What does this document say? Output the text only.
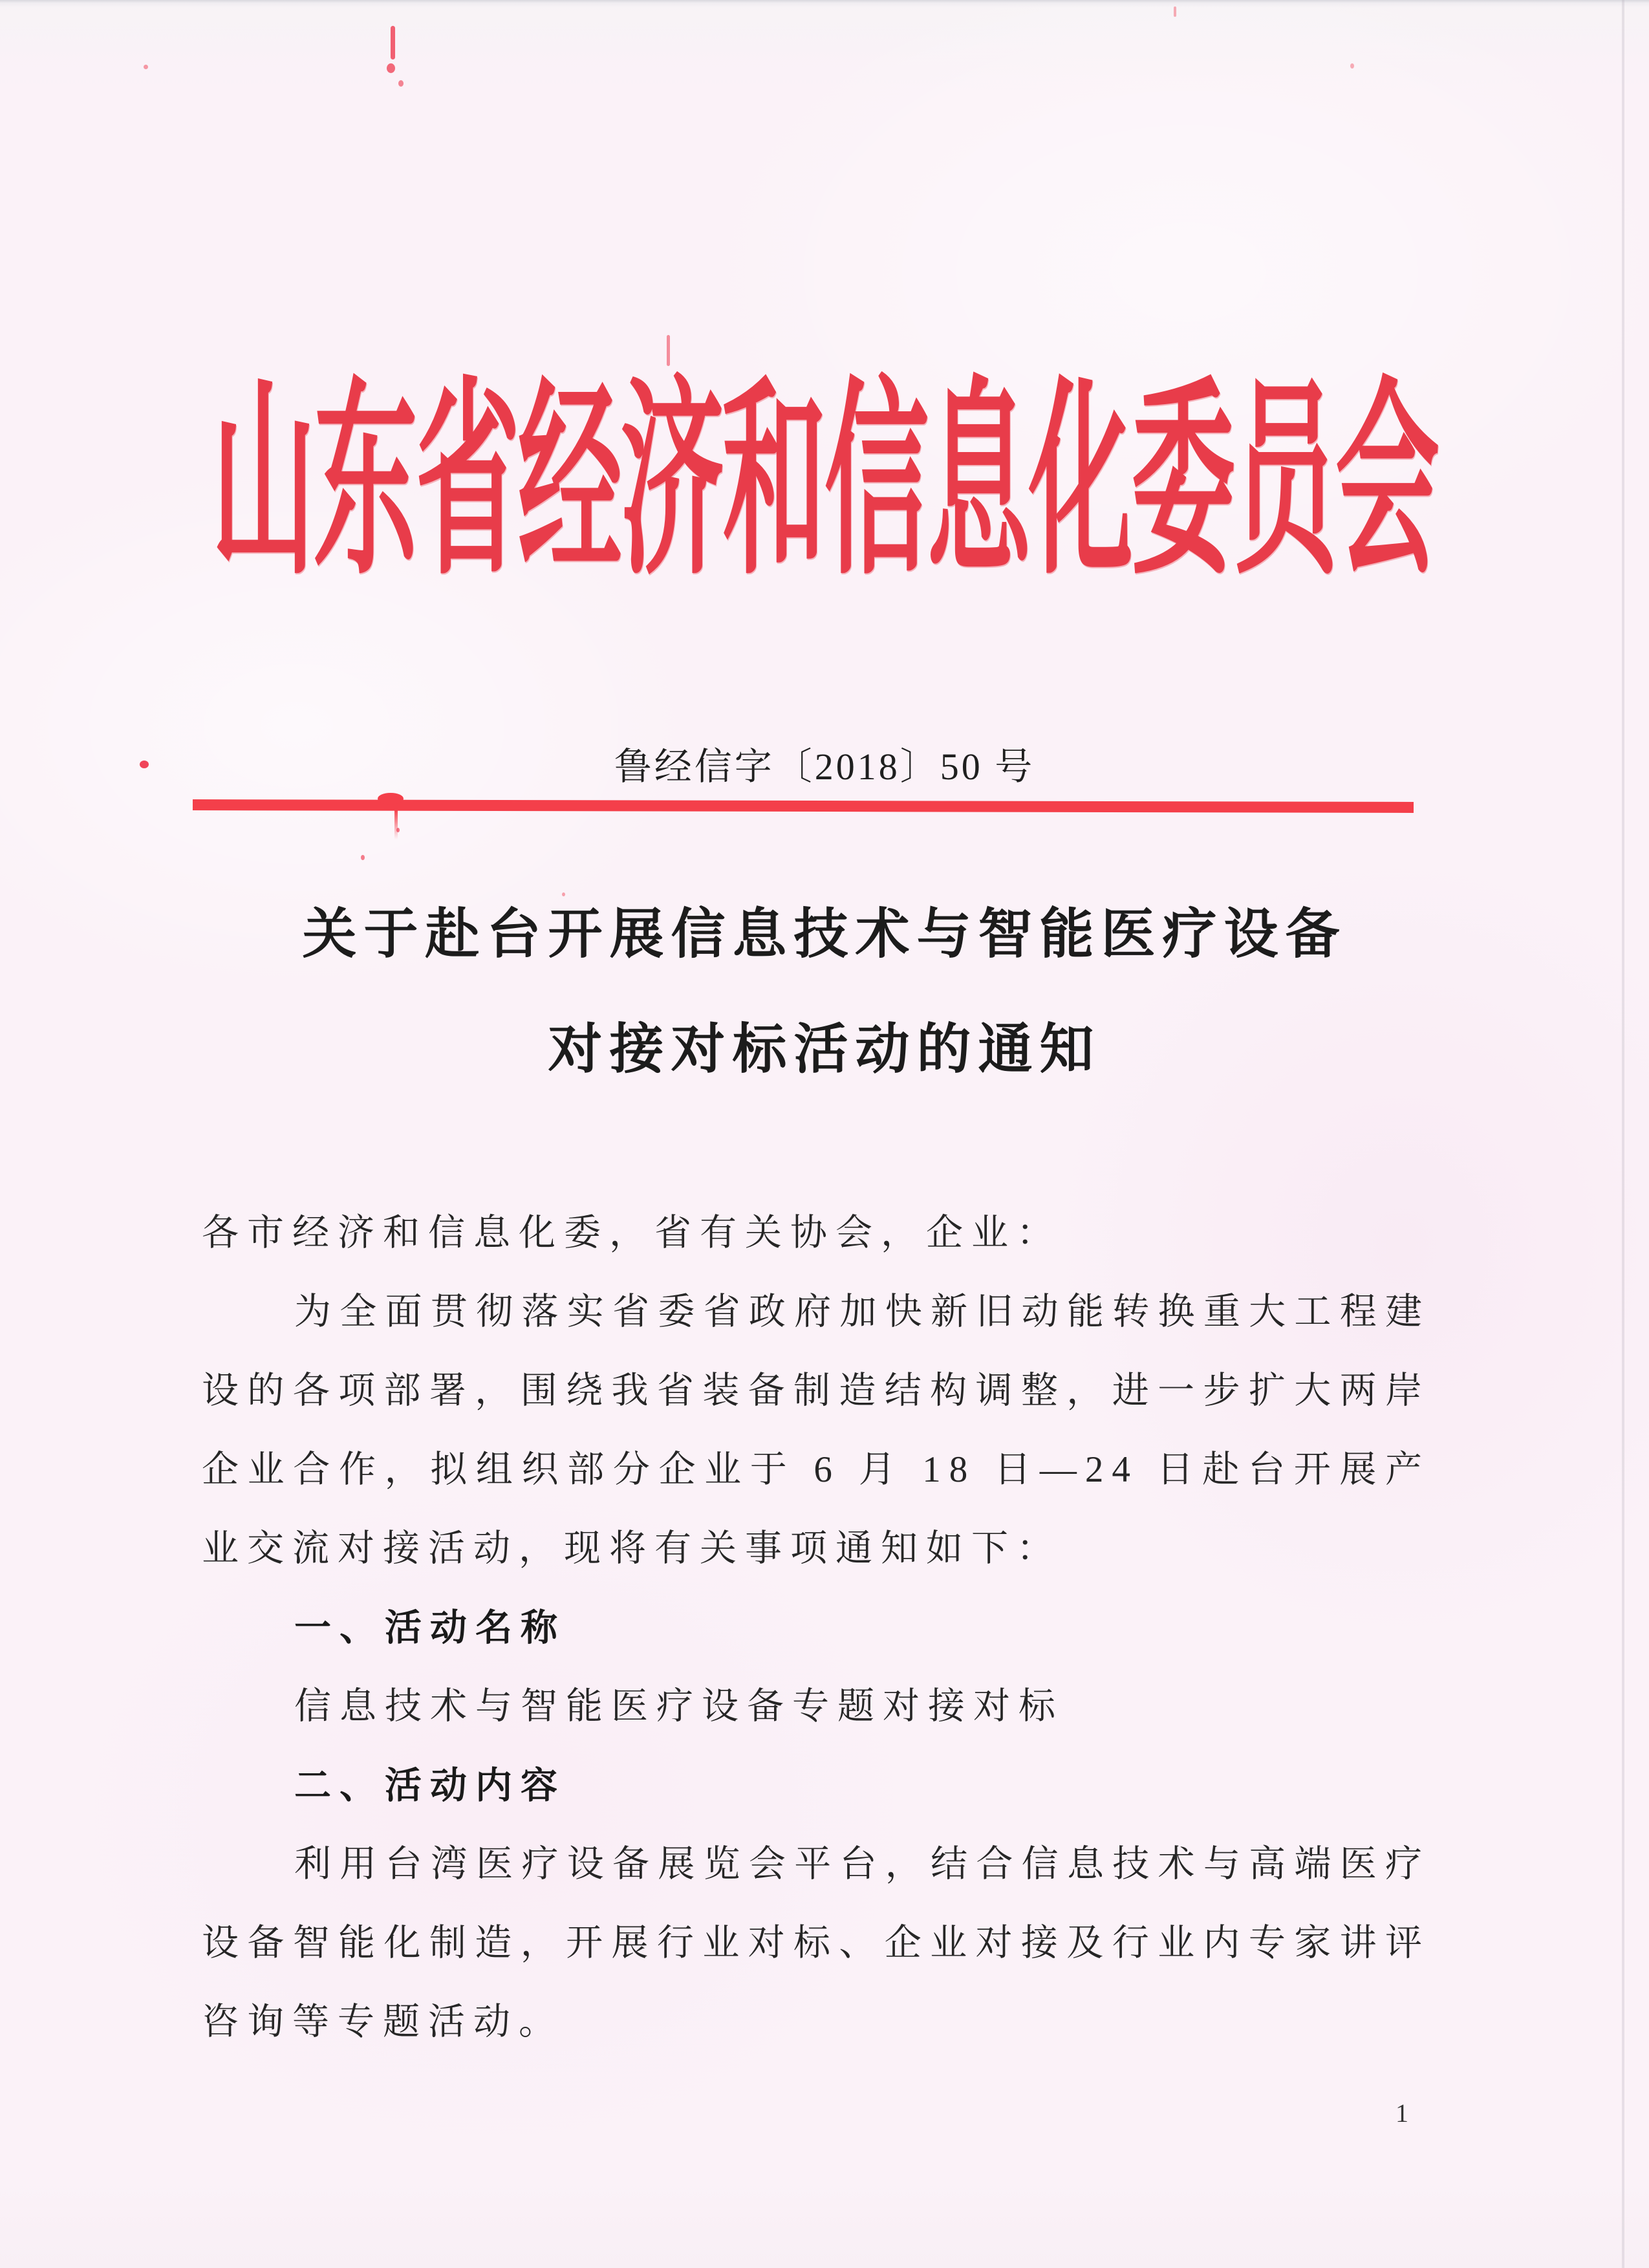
山东省经济和信息化委员会
鲁经信字〔2018〕50 号
关于赴台开展信息技术与智能医疗设备
对接对标活动的通知

各市经济和信息化委，省有关协会，企业：

为全面贯彻落实省委省政府加快新旧动能转换重大工程建设的各项部署，围绕我省装备制造结构调整，进一步扩大两岸企业合作，拟组织部分企业于 6 月 18 日—24 日赴台开展产业交流对接活动，现将有关事项通知如下：

一、活动名称

信息技术与智能医疗设备专题对接对标

二、活动内容

利用台湾医疗设备展览会平台，结合信息技术与高端医疗设备智能化制造，开展行业对标、企业对接及行业内专家讲评咨询等专题活动。

1
